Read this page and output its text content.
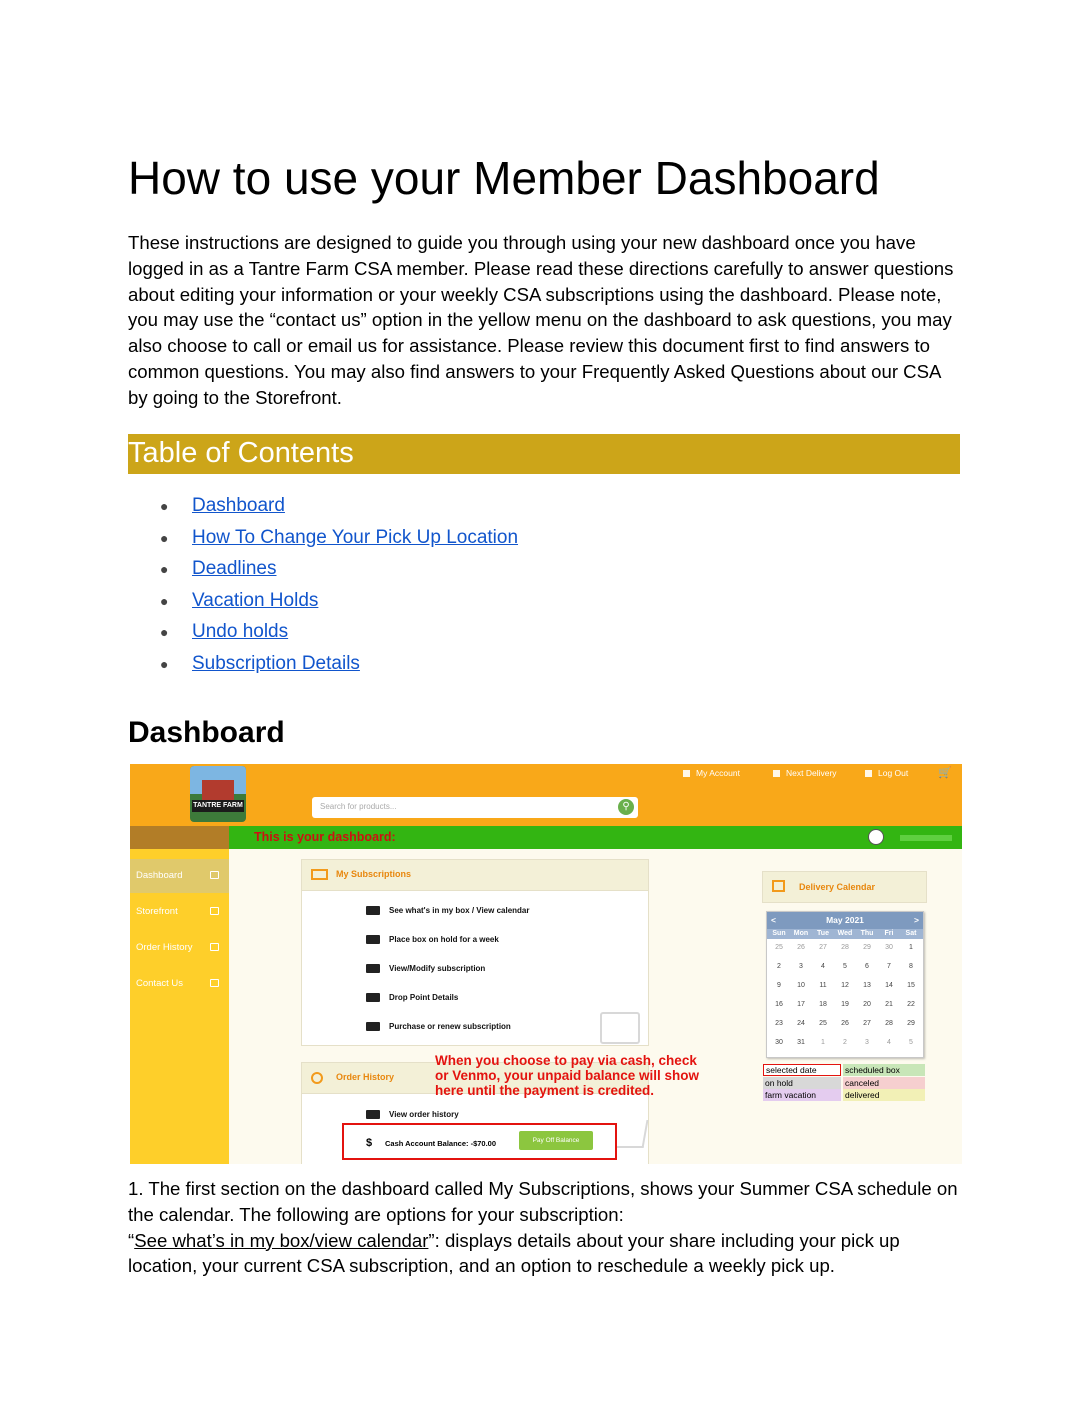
How to use your Member Dashboard

These instructions are designed to guide you through using your new dashboard once you have logged in as a Tantre Farm CSA member. Please read these directions carefully to answer questions about editing your information or your weekly CSA subscriptions using the dashboard. Please note, you may use the “contact us” option in the yellow menu on the dashboard to ask questions, you may also choose to call or email us for assistance. Please review this document first to find answers to common questions. You may also find answers to your Frequently Asked Questions about our CSA by going to the Storefront.

Table of Contents
● Dashboard
● How To Change Your Pick Up Location
● Deadlines
● Vacation Holds
● Undo holds
● Subscription Details
Dashboard
TANTRE FARM
My Account	Next Delivery	Log Out	🛒
Search for products...	⚲
This is your dashboard:
Dashboard
Storefront
Order History
Contact Us
My Subscriptions
See what's in my box / View calendar
Place box on hold for a week
View/Modify subscription
Drop Point Details
Purchase or renew subscription
Order History
View order history
When you choose to pay via cash, check
or Venmo, your unpaid balance will show
here until the payment is credited.
$ Cash Account Balance: -$70.00	Pay Off Balance
Delivery Calendar
May 2021
<	>
Sun	Mon	Tue	Wed	Thu	Fri	Sat
25	26	27	28	29	30	1
2	3	4	5	6	7	8
9	10	11	12	13	14	15
16	17	18	19	20	21	22
23	24	25	26	27	28	29
30	31	1	2	3	4	5
selected date	scheduled box
on hold	canceled
farm vacation	delivered

1. The first section on the dashboard called My Subscriptions, shows your Summer CSA schedule on the calendar. The following are options for your subscription:
“See what’s in my box/view calendar”: displays details about your share including your pick up location, your current CSA subscription, and an option to reschedule a weekly pick up.
